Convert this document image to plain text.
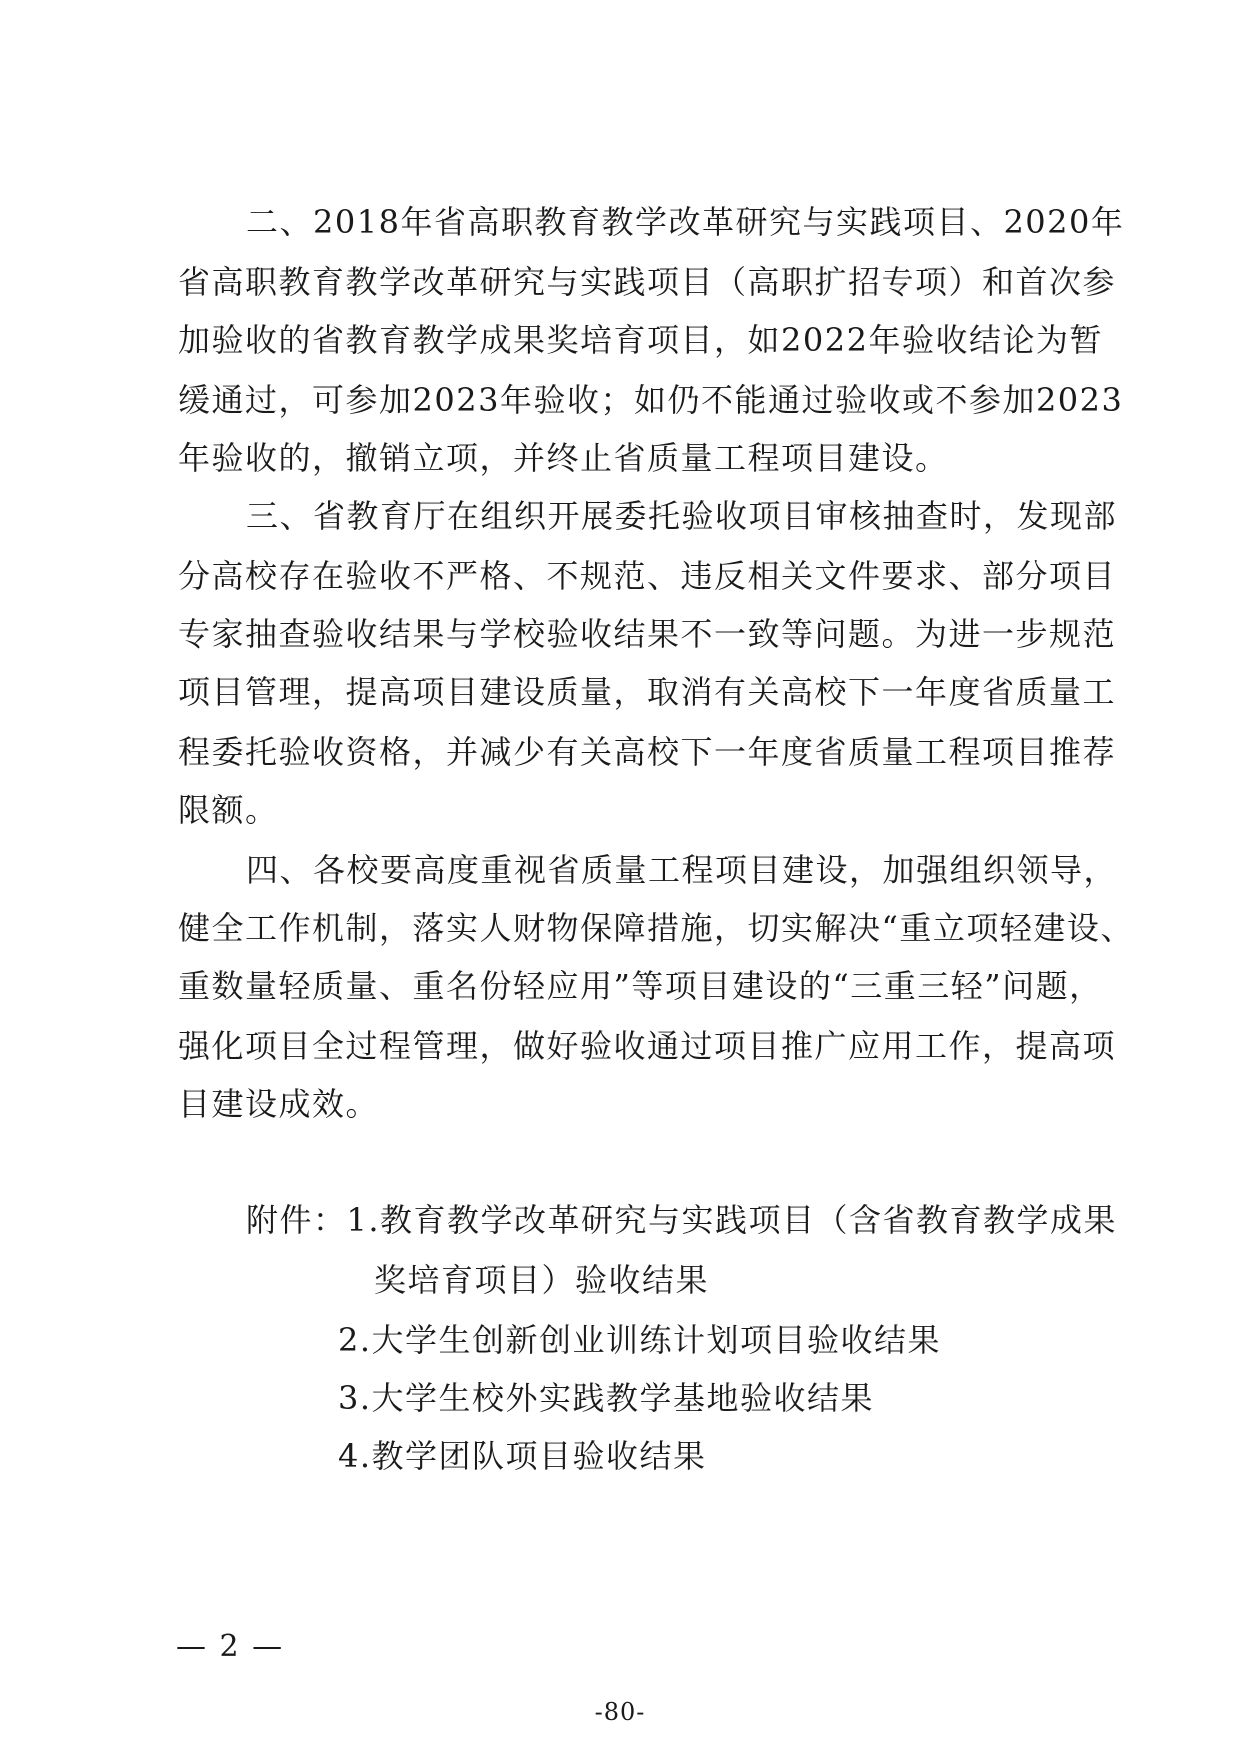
二、2018年省高职教育教学改革研究与实践项目、2020年
省高职教育教学改革研究与实践项目（高职扩招专项）和首次参
加验收的省教育教学成果奖培育项目，如2022年验收结论为暂
缓通过，可参加2023年验收；如仍不能通过验收或不参加2023
年验收的，撤销立项，并终止省质量工程项目建设。
三、省教育厅在组织开展委托验收项目审核抽查时，发现部
分高校存在验收不严格、不规范、违反相关文件要求、部分项目
专家抽查验收结果与学校验收结果不一致等问题。为进一步规范
项目管理，提高项目建设质量，取消有关高校下一年度省质量工
程委托验收资格，并减少有关高校下一年度省质量工程项目推荐
限额。
四、各校要高度重视省质量工程项目建设，加强组织领导，
健全工作机制，落实人财物保障措施，切实解决“重立项轻建设、
重数量轻质量、重名份轻应用”等项目建设的“三重三轻”问题，
强化项目全过程管理，做好验收通过项目推广应用工作，提高项
目建设成效。
附件：1.教育教学改革研究与实践项目（含省教育教学成果
奖培育项目）验收结果
2.大学生创新创业训练计划项目验收结果
3.大学生校外实践教学基地验收结果
4.教学团队项目验收结果
— 2 —
-80-
